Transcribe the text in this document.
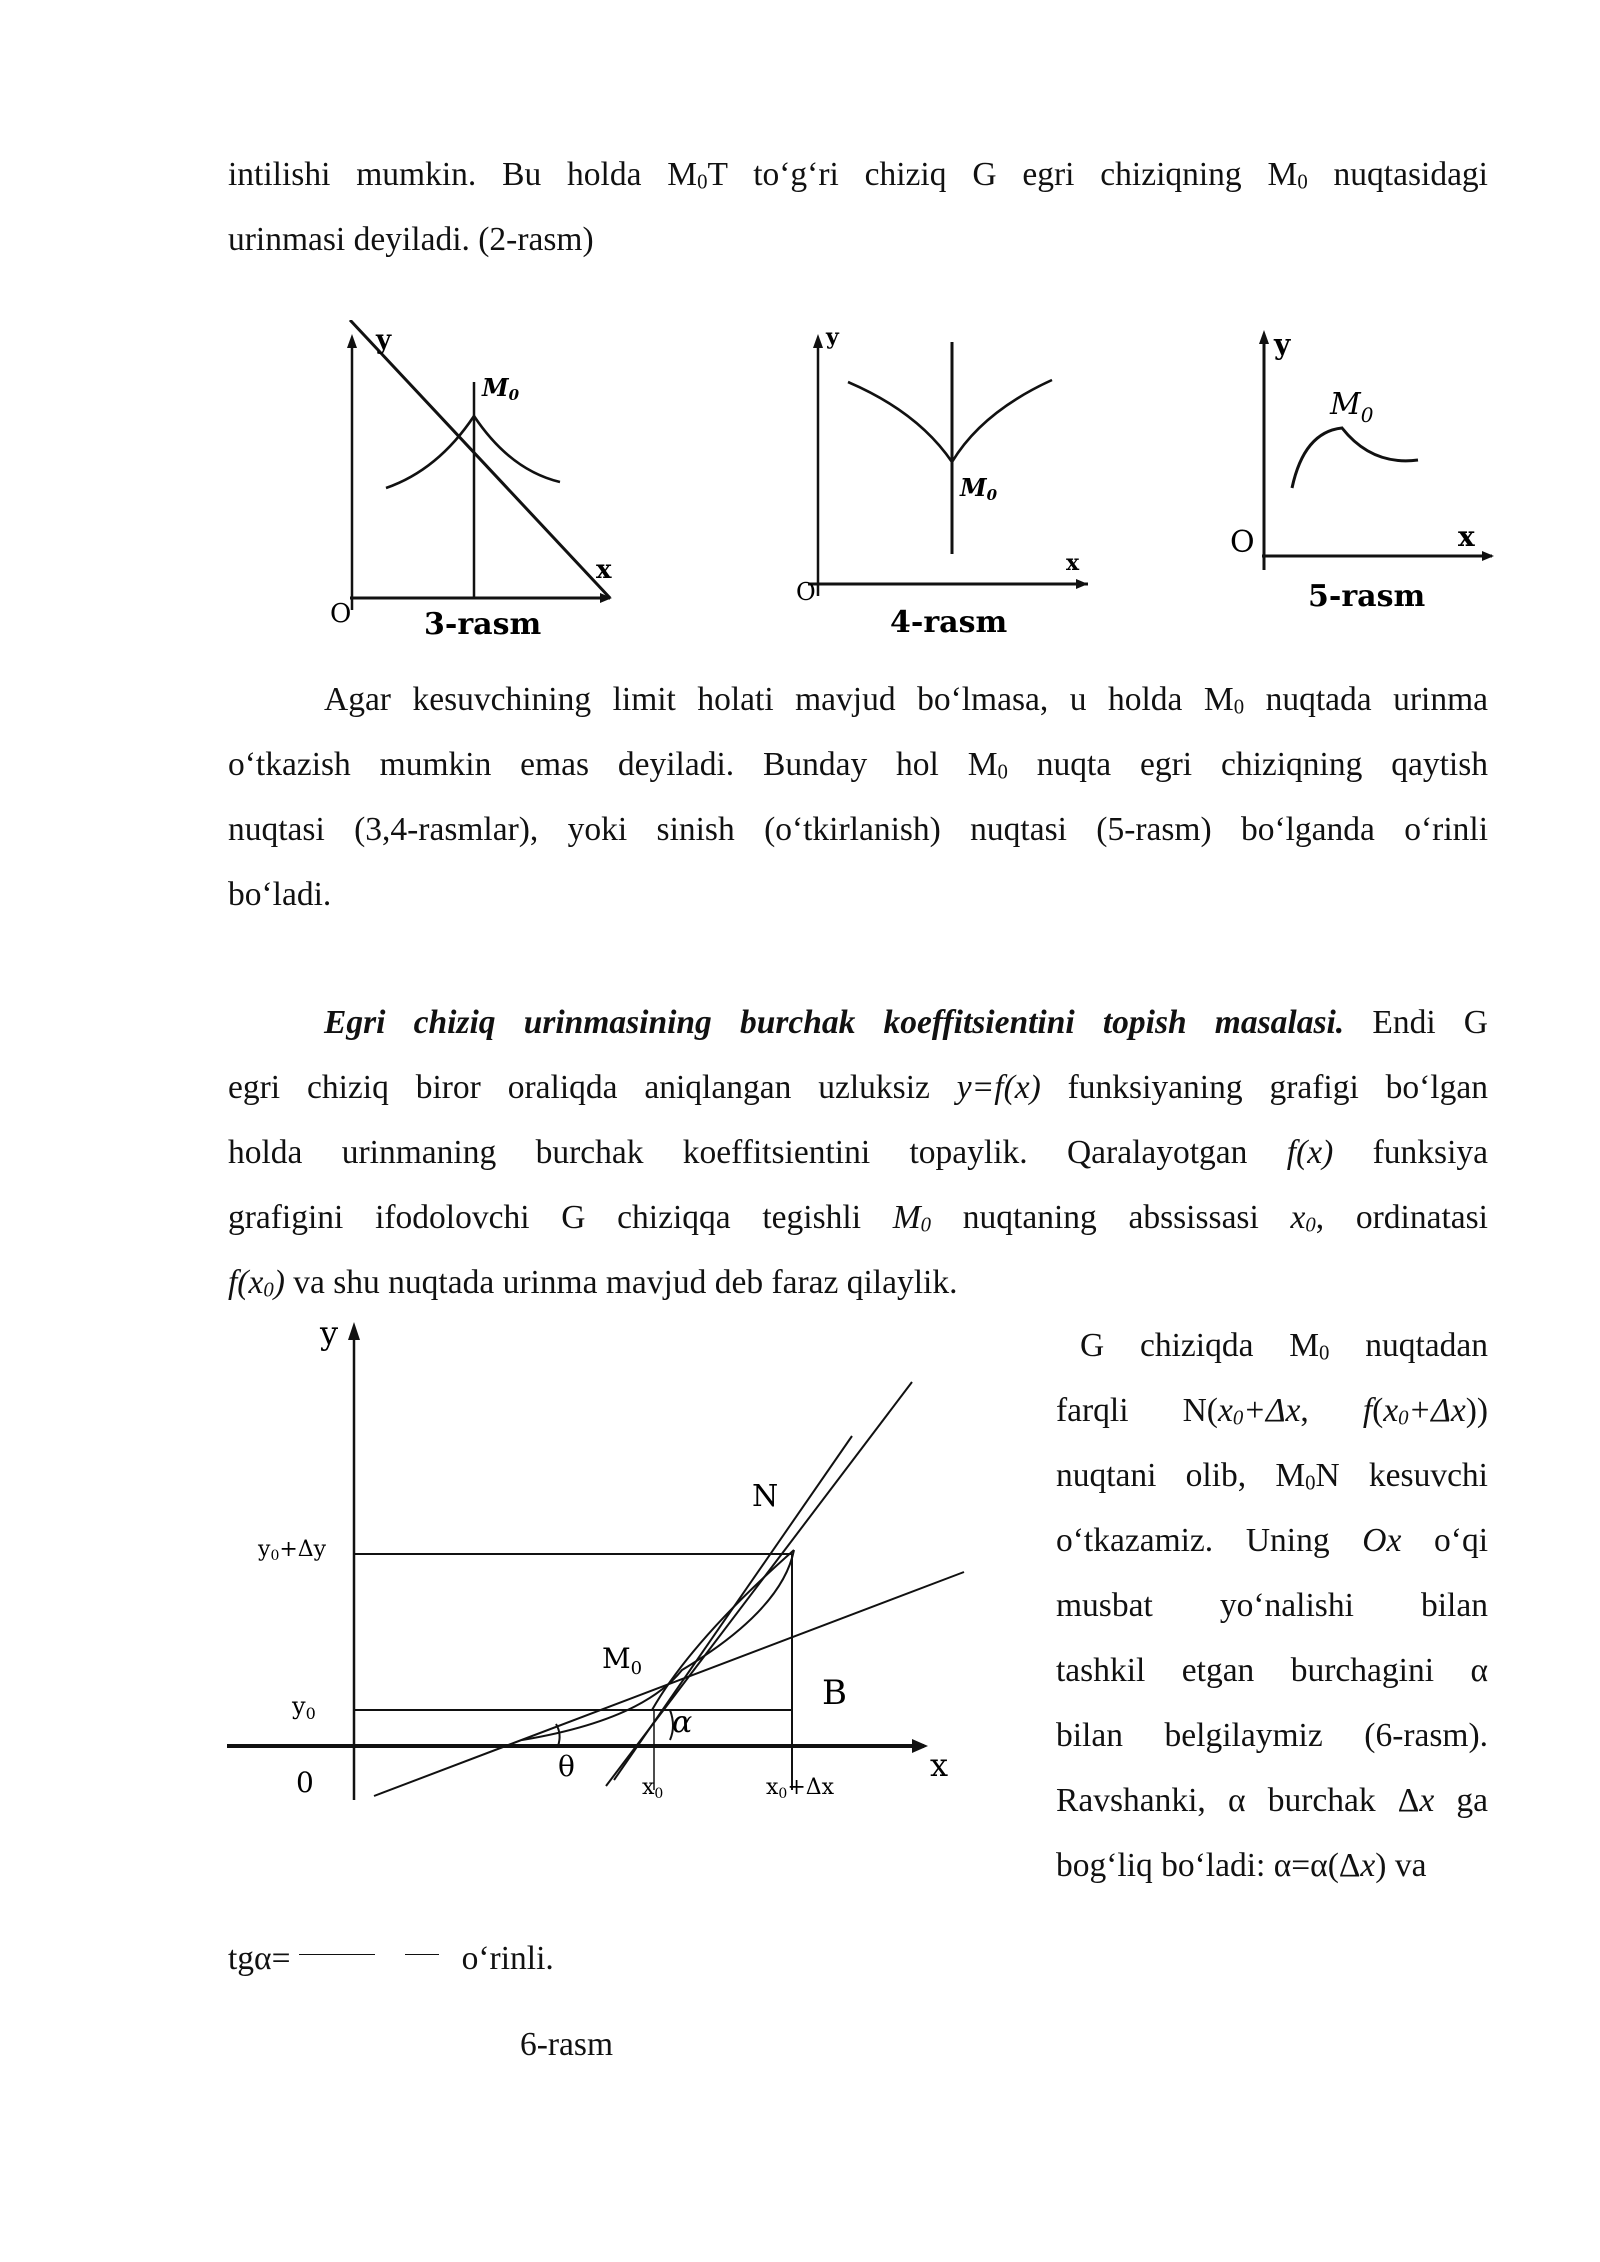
intilishi mumkin. Bu holda $M_0T$ to‘g‘ri chiziq G egri chiziqning $M_0$ nuqtasidagi
urinmasi deyiladi. (2-rasm)
y
x
O
M0
3-rasm
y
x
O
M0
4-rasm
y
x
O
$M_0$
5-rasm
Agar kesuvchining limit holati mavjud bo‘lmasa, u holda $M_0$ nuqtada urinma
o‘tkazish mumkin emas deyiladi. Bunday hol $M_0$ nuqta egri chiziqning qaytish
nuqtasi (3,4-rasmlar), yoki sinish (o‘tkirlanish) nuqtasi (5-rasm) bo‘lganda o‘rinli
bo‘ladi.
Egri chiziq urinmasining burchak koeffitsientini topish masalasi. Endi G
egri chiziq biror oraliqda aniqlangan uzluksiz y=f(x) funksiyaning grafigi bo‘lgan
holda urinmaning burchak koeffitsientini topaylik. Qaralayotgan f(x) funksiya
grafigini ifodolovchi G chiziqqa tegishli $M_0$ nuqtaning abssissasi $x_0$, ordinatasi
$f(x_0)$ va shu nuqtada urinma mavjud deb faraz qilaylik.
G chiziqda $M_0$ nuqtadan
farqli $N(x_0+\Delta x$, $f(x_0+\Delta x)$)
nuqtani olib, $M_0N$ kesuvchi
o‘tkazamiz. Uning Ox o‘qi
musbat yo‘nalishi bilan
tashkil etgan burchagini α
bilan belgilaymiz (6-rasm).
Ravshanki, α burchak Δx ga
bog‘liq bo‘ladi: α=α(Δx) va
y
x
0
N
B
$M_0$
$y_0$
y0+Δy
x0	x0+Δx
α
θ
tgα=	o‘rinli.
6-rasm
